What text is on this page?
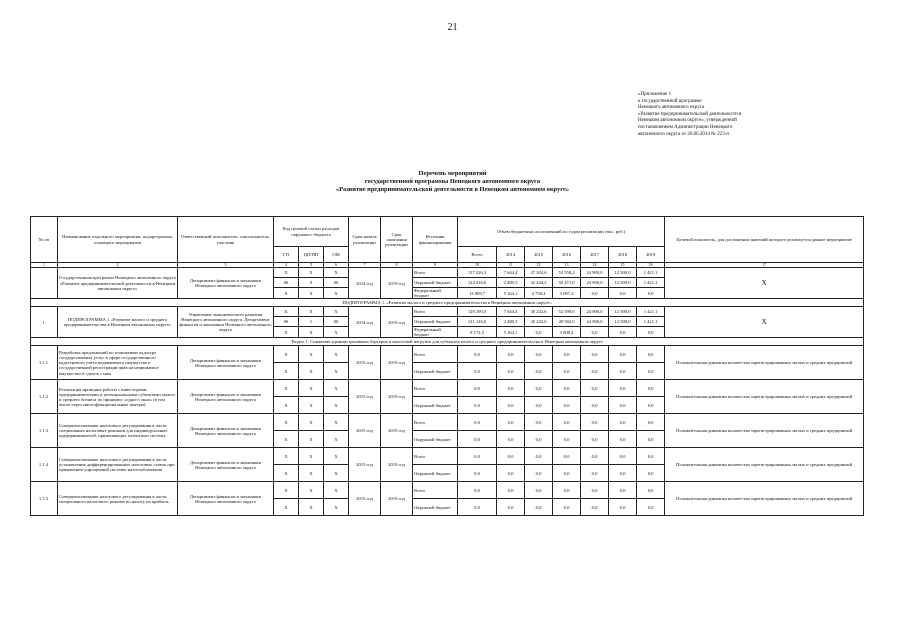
21
«Приложение 1
к государственной программе
Ненецкого автономного округа
«Развитие предпринимательской деятельности в
Ненецком автономном округе», утвержденной
постановлением Администрации Ненецкого
автономного округа от 26.06.2014 № 223-п
Перечень мероприятий
государственной программы Ненецкого автономного округа
«Развитие предпринимательской деятельности в Ненецком автономном округе»
№ пп	Наименование отдельного мероприятия, подпрограммы, основного мероприятия	Ответственный исполнитель, соисполнитель, участник	Код целевой статьи расходов окружного бюджета			Срок начала реализации	Срок окончания реализации	Источник финансирования	Объем бюджетных ассигнований по годам реализации (тыс. руб.)							Целевой показатель, для достижения значений которого реализуется данное мероприятие
			ГП	ЦП/ПП	ОМ				Всего	2014	2015	2016	2017	2018	2019	
1	2	3	4	5	6	7	8	9	10	11	12	13	14	15	16	17
	Государственная программа Ненецкого автономного округа «Развитие предпринимательской деятельности в Ненецком автономном округе»	Департамент финансов и экономики Ненецкого автономного округа	Х	Х	Х	2014 год	2019 год	Всего	137 226,3	7 644,4	37 202,6	53 558,2	24 900,0	12 500,0	1 421,1	Х
			06	0	00			Окружной бюджет	124 216,6	2 480,3	32 444,2	50 471,0	24 900,0	12 500,0	1 421,1	
			Х	Х	Х			Федеральный бюджет	13 009,7	5 164,1	4 758,4	3 087,2	0,0	0,0	0,0	
ПОДПРОГРАММА 1. «Развитие малого и среднего предпринимательства в Ненецком автономном округе»																
1.	ПОДПРОГРАММА 1 «Развитие малого и среднего предпринимательства в Ненецком автономном округе»	Управление экономического развития Ненецкого автономного округа, Департамент финансов и экономики Ненецкого автономного округа	Х	Х	Х	2014 год	2019 год	Всего	129 290,5	7 644,4	30 242,6	52 590,6	24 900,0	12 500,0	1 421,1	Х
			06	1	00			Окружной бюджет	121 126,0	2 480,3	30 242,6	49 582,0	24 900,0	12 500,0	1 421,1	
			Х	Х	Х			Федеральный бюджет	8 172,5	5 164,1	0,0	3 008,4	0,0	0,0	0,0	
Раздел 1. Снижение административных барьеров и налоговой нагрузки для субъектов малого и среднего предпринимательства в Ненецком автономном округе																
1.1.1.	Разработка предложений по понижению кадастра государственных услуг в сфере государственного кадастрового учета недвижимого имущества и государственной регистрации прав на недвижимое имущество и сделок с ним	Департамент финансов и экономики Ненецкого автономного округа	Х	Х	Х	2015 год	2019 год	Всего	0,0	0,0	0,0	0,0	0,0	0,0	0,0	Положительная динамика количества зарегистрированных малых и средних предприятий
			Х	Х	Х			Окружной бюджет	0,0	0,0	0,0	0,0	0,0	0,0	0,0	
1.1.2.	Реализация принципа работы с инвесторами, предпринимателями и потенциальными субъектами малого и среднего бизнеса по принципу «одного окна» (в том числе через многофункциональные центры)	Департамент финансов и экономики Ненецкого автономного округа	Х	Х	Х	2015 год	2019 год	Всего	0,0	0,0	0,0	0,0	0,0	0,0	0,0	Положительная динамика количества зарегистрированных малых и средних предприятий
			Х	Х	Х			Окружной бюджет	0,0	0,0	0,0	0,0	0,0	0,0	0,0	
1.1.3.	Совершенствование налогового регулирования в части специальных налоговых режимов для индивидуальных предпринимателей, применяющих патентную систему	Департамент финансов и экономики Ненецкого автономного округа	Х	Х	Х	2015 год	2019 год	Всего	0,0	0,0	0,0	0,0	0,0	0,0	0,0	Положительная динамика количества зарегистрированных малых и средних предприятий
			Х	Х	Х			Окружной бюджет	0,0	0,0	0,0	0,0	0,0	0,0	0,0	
1.1.4.	Совершенствование налогового регулирования в части установления дифференцированных налоговых ставок при применении упрощенной системы налогообложения	Департамент финансов и экономики Ненецкого автономного округа	Х	Х	Х	2015 год	2019 год	Всего	0,0	0,0	0,0	0,0	0,0	0,0	0,0	Положительная динамика количества зарегистрированных малых и средних предприятий
			Х	Х	Х			Окружной бюджет	0,0	0,0	0,0	0,0	0,0	0,0	0,0	
1.1.5.	Совершенствование налогового регулирования в части специального налогового режима по налогу на прибыль	Департамент финансов и экономики Ненецкого автономного округа	Х	Х	Х	2015 год	2019 год	Всего	0,0	0,0	0,0	0,0	0,0	0,0	0,0	Положительная динамика количества зарегистрированных малых и средних предприятий
			Х	Х	Х			Окружной бюджет	0,0	0,0	0,0	0,0	0,0	0,0	0,0	
